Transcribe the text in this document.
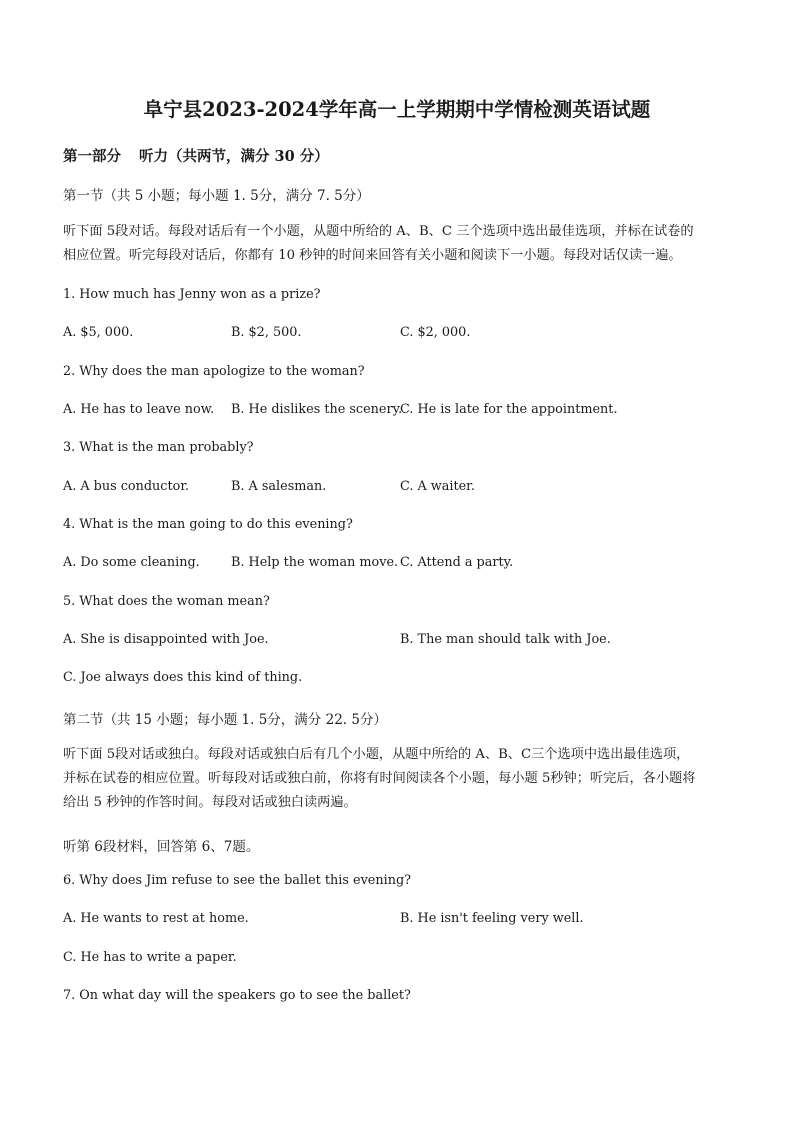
阜宁县2023-2024学年高一上学期期中学情检测英语试题
第一部分 听力（共两节，满分 30 分）
第一节（共 5 小题；每小题 1. 5分，满分 7. 5分）
听下面 5段对话。每段对话后有一个小题，从题中所给的 A、B、C 三个选项中选出最佳选项，并标在试卷的
相应位置。听完每段对话后，你都有 10 秒钟的时间来回答有关小题和阅读下一小题。每段对话仅读一遍。
1. How much has Jenny won as a prize?
A. $5, 000.	B. $2, 500.	C. $2, 000.
2. Why does the man apologize to the woman?
A. He has to leave now. B. He dislikes the scenery.
C. He is late for the appointment.
3. What is the man probably?
A. A bus conductor.	B. A salesman.	C. A waiter.
4. What is the man going to do this evening?
A. Do some cleaning. B. Help the woman move. C. Attend a party.
5. What does the woman mean?
A. She is disappointed with Joe.	B. The man should talk with Joe.
C. Joe always does this kind of thing.
第二节（共 15 小题；每小题 1. 5分，满分 22. 5分）
听下面 5段对话或独白。每段对话或独白后有几个小题，从题中所给的 A、B、C三个选项中选出最佳选项，
并标在试卷的相应位置。听每段对话或独白前，你将有时间阅读各个小题，每小题 5秒钟；听完后，各小题将
给出 5 秒钟的作答时间。每段对话或独白读两遍。
听第 6段材料，回答第 6、7题。
6. Why does Jim refuse to see the ballet this evening?
A. He wants to rest at home.	B. He isn't feeling very well.
C. He has to write a paper.
7. On what day will the speakers go to see the ballet?
